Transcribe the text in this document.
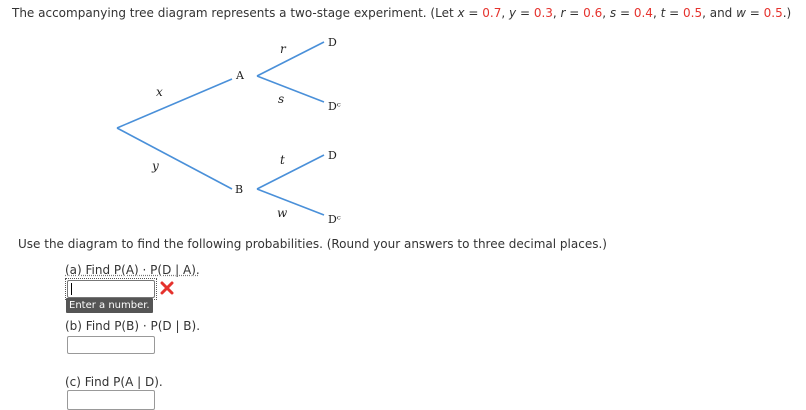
The accompanying tree diagram represents a two-stage experiment. (Let x = 0.7, y = 0.3, r = 0.6, s = 0.4, t = 0.5, and w = 0.5.)
x
y
A
B
r
s
t
w
D
Dᶜ
D
Dᶜ
Use the diagram to find the following probabilities. (Round your answers to three decimal places.)
(a) Find P(A) · P(D | A).
Enter a number.
(b) Find P(B) · P(D | B).
(c) Find P(A | D).
